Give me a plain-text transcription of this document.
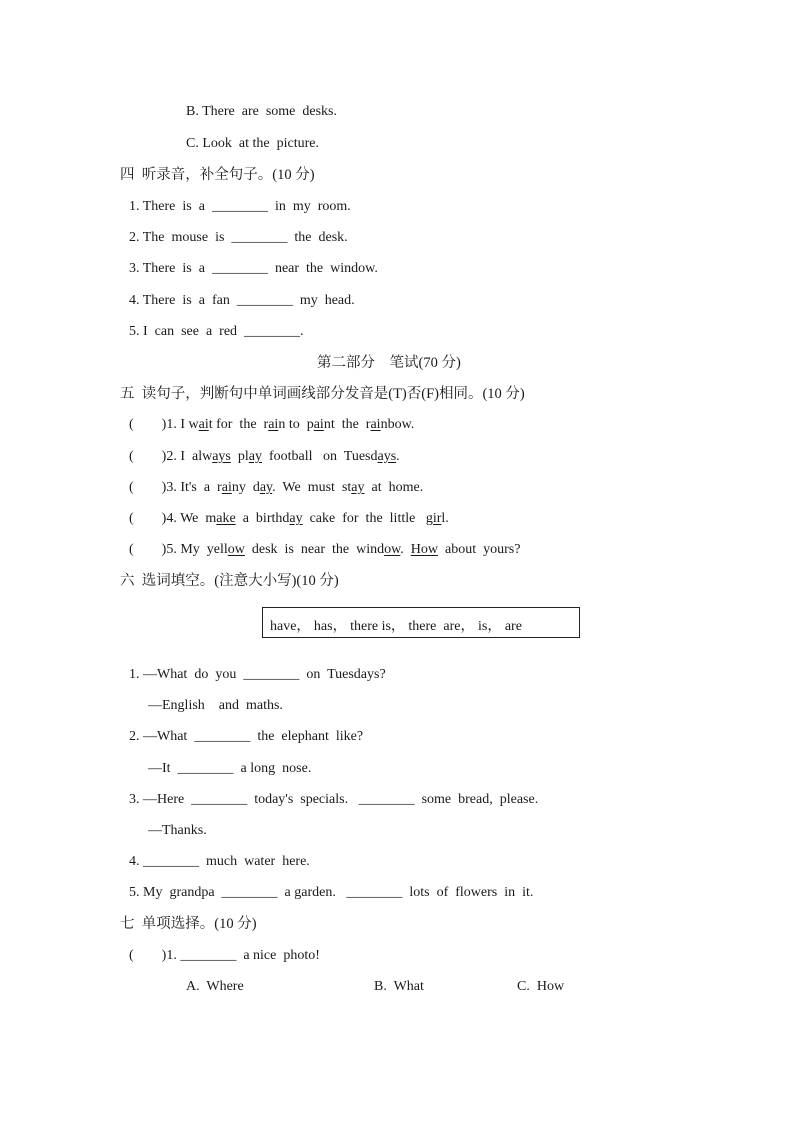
B. There  are  some  desks.
C. Look  at the  picture.
四  听录音，补全句子。(10 分)
1. There  is  a  ________  in  my  room.
2. The  mouse  is  ________  the  desk.
3. There  is  a  ________  near  the  window.
4. There  is  a  fan  ________  my  head.
5. I  can  see  a  red  ________.
第二部分    笔试(70 分)
五  读句子，判断句中单词画线部分发音是(T)否(F)相同。(10 分)
(        )1. I wait for  the  rain to  paint  the  rainbow.
(        )2. I  always  play  football   on  Tuesdays.
(        )3. It's  a  rainy  day.  We  must  stay  at  home.
(        )4. We  make  a  birthday  cake  for  the  little   girl.
(        )5. My  yellow  desk  is  near  the  window.  How  about  yours?
六  选词填空。(注意大小写)(10 分)
have， has， there is， there  are， is， are
1. —What  do  you  ________  on  Tuesdays?
—English    and  maths.
2. —What  ________  the  elephant  like?
—It  ________  a long  nose.
3. —Here  ________  today's  specials.   ________  some  bread,  please.
—Thanks.
4. ________  much  water  here.
5. My  grandpa  ________  a garden.   ________  lots  of  flowers  in  it.
七  单项选择。(10 分)
(        )1. ________  a nice  photo!
A.  Where	B.  What	C.  How
